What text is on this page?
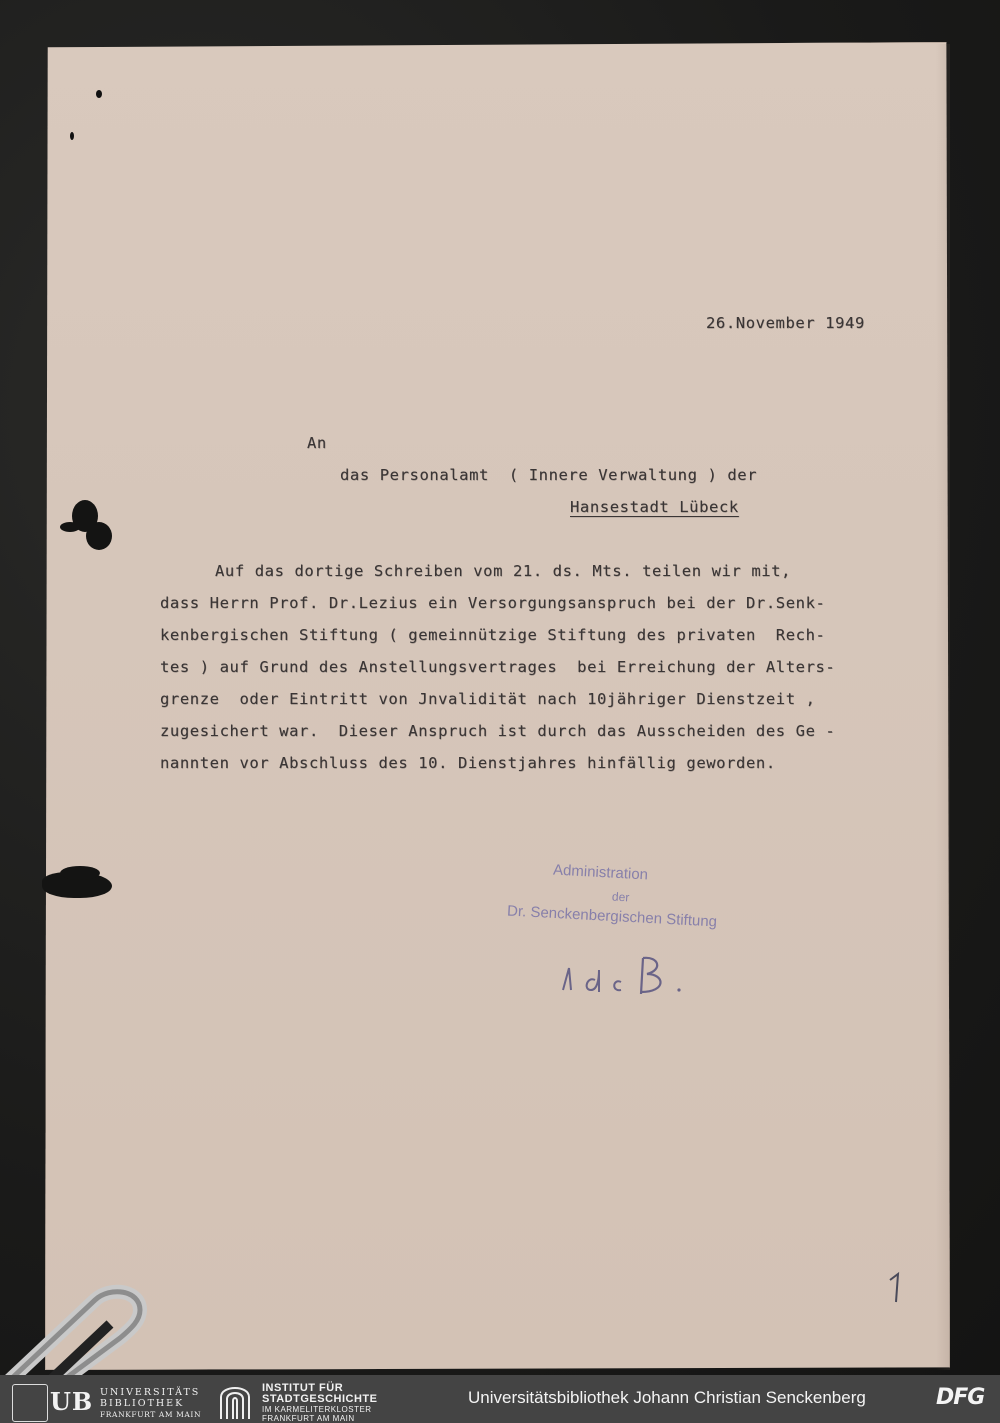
26.November 1949
An
das Personalamt  ( Innere Verwaltung ) der
Hansestadt Lübeck
Auf das dortige Schreiben vom 21. ds. Mts. teilen wir mit,
dass Herrn Prof. Dr.Lezius ein Versorgungsanspruch bei der Dr.Senk-
kenbergischen Stiftung ( gemeinnützige Stiftung des privaten  Rech-
tes ) auf Grund des Anstellungsvertrages  bei Erreichung der Alters-
grenze  oder Eintritt von Jnvalidität nach 10jähriger Dienstzeit ,
zugesichert war.  Dieser Anspruch ist durch das Ausscheiden des Ge -
nannten vor Abschluss des 10. Dienstjahres hinfällig geworden.
Administration
der
Dr. Senckenbergischen Stiftung
UB UNIVERSITÄTS
BIBLIOTHEK
FRANKFURT AM MAIN
INSTITUT FÜR
STADTGESCHICHTE
IM KARMELITERKLOSTER
FRANKFURT AM MAIN
Universitätsbibliothek Johann Christian Senckenberg	DFG
